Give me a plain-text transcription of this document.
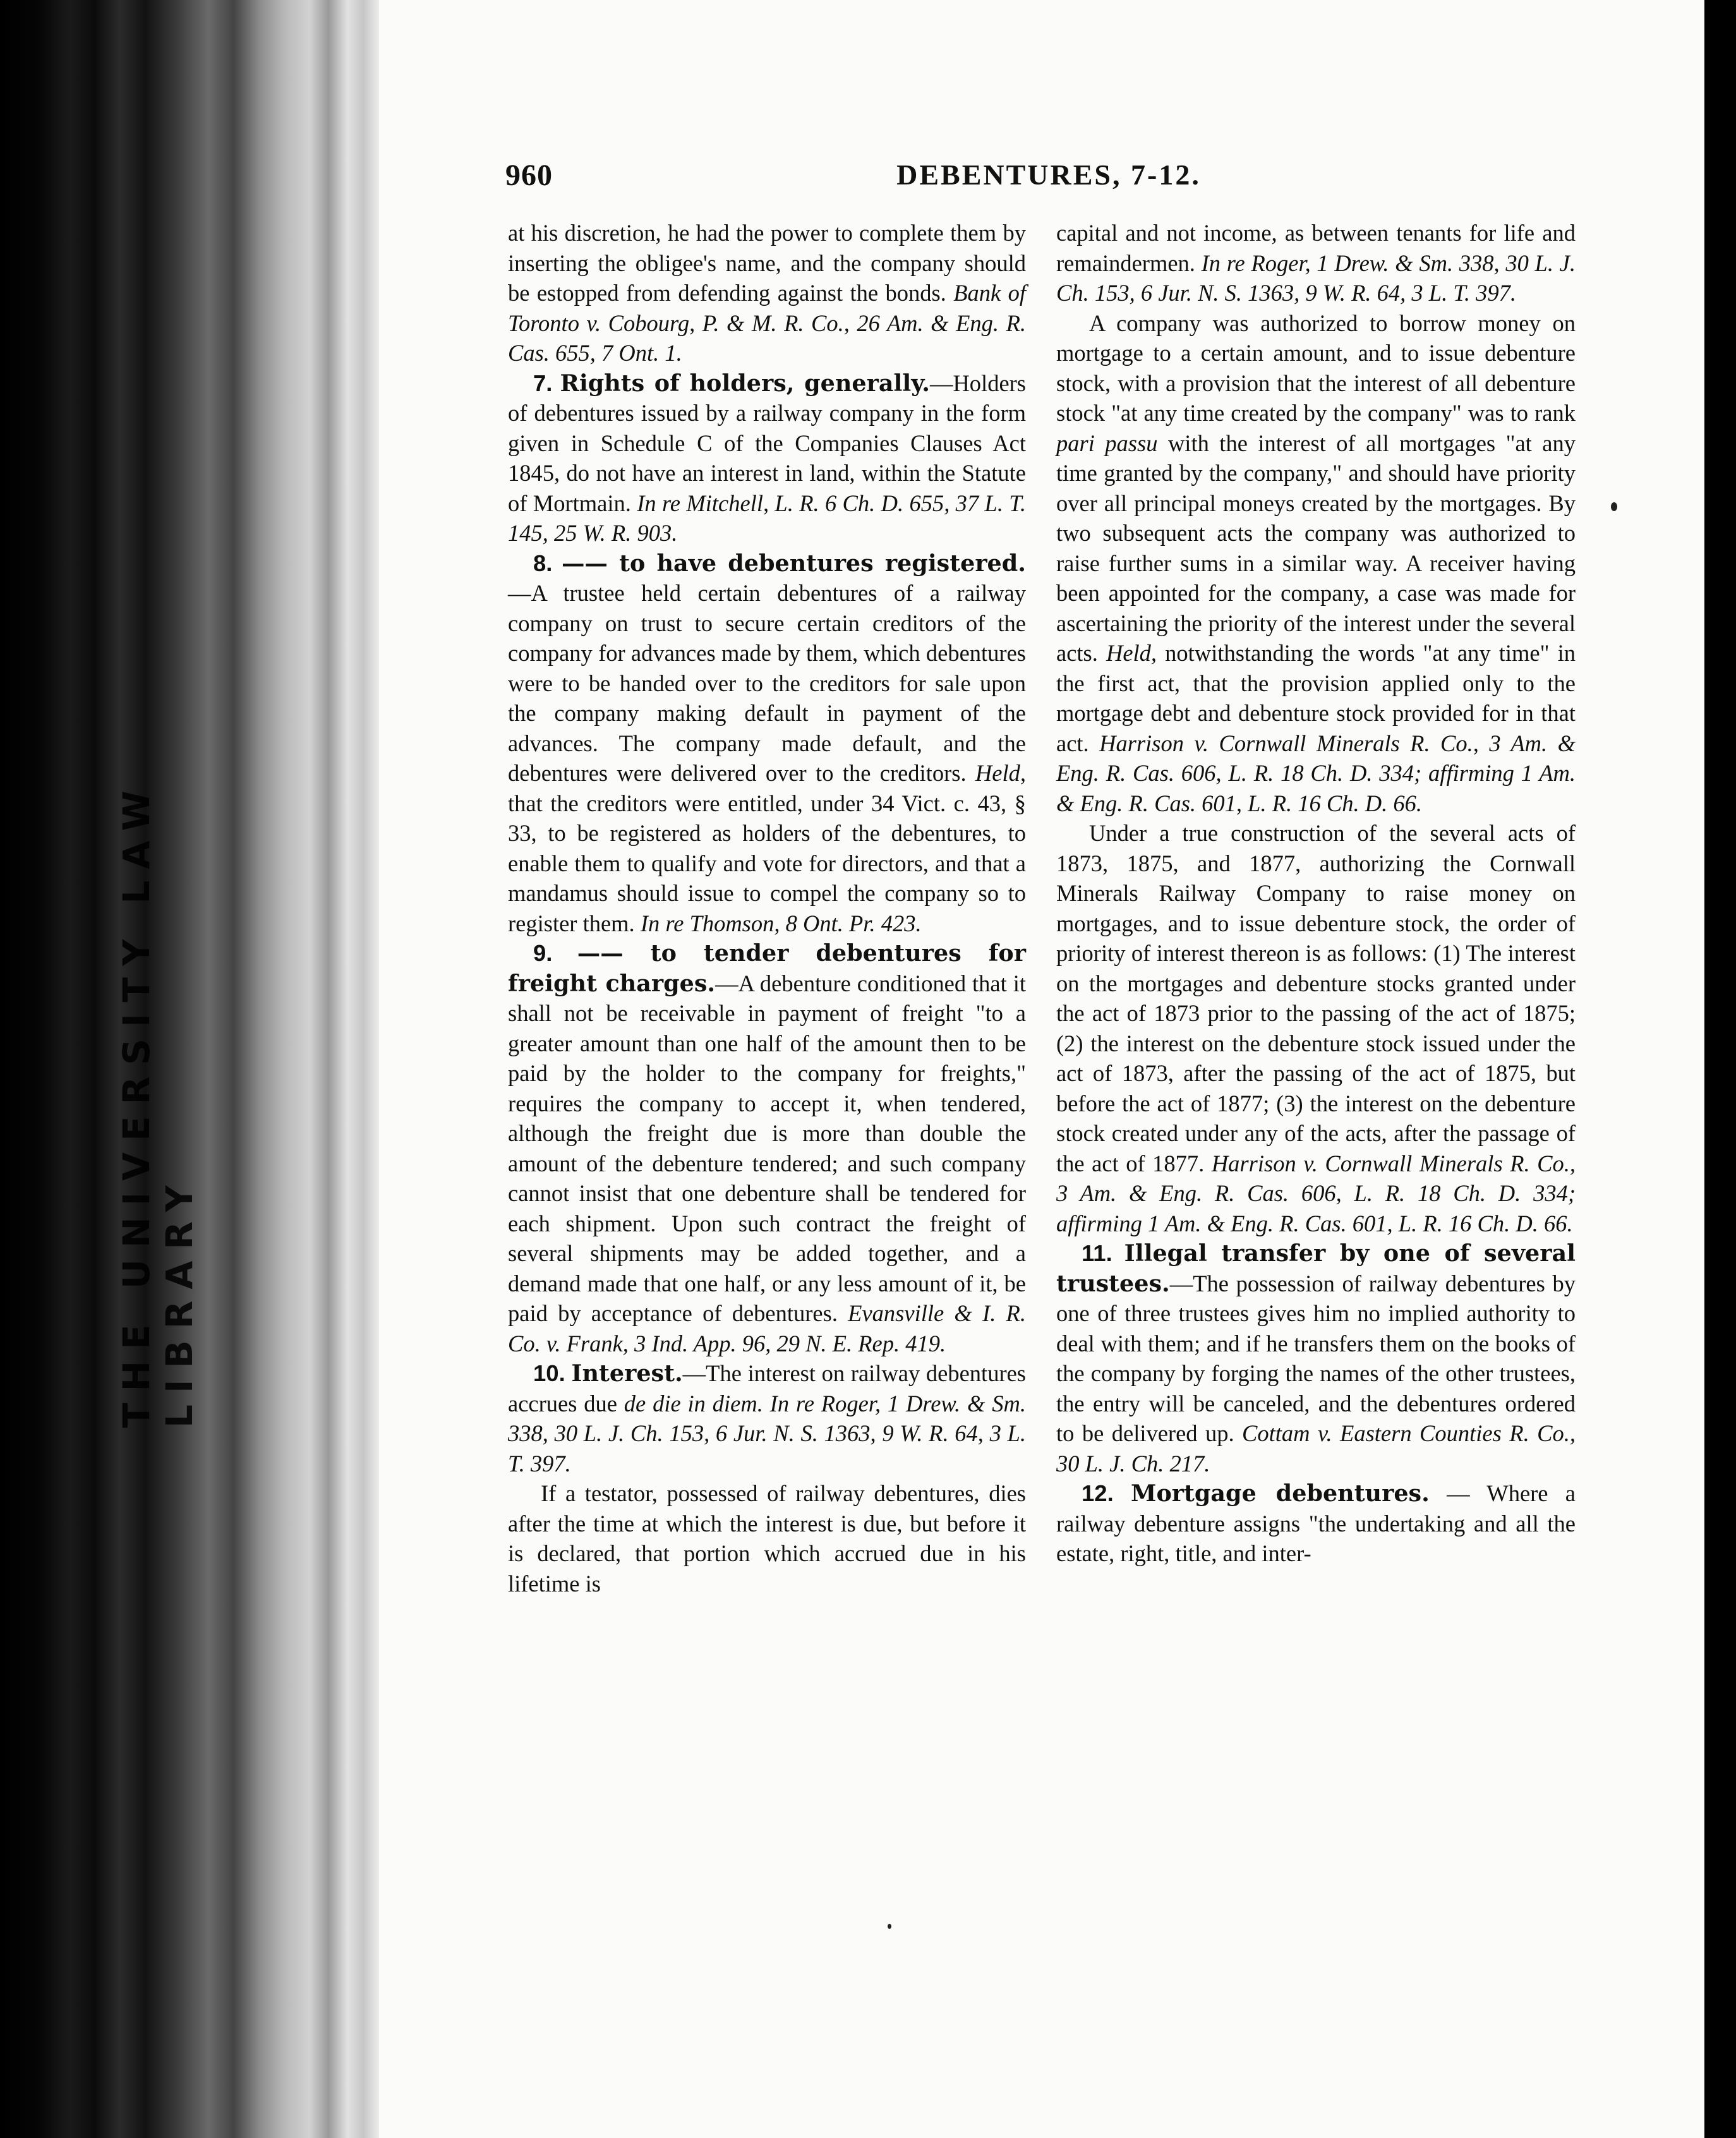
THE UNIVERSITY LAW LIBRARY
960	DEBENTURES, 7-12.

at his discretion, he had the power to complete them by inserting the obligee's name, and the company should be estopped from defending against the bonds. Bank of Toronto v. Cobourg, P. & M. R. Co., 26 Am. & Eng. R. Cas. 655, 7 Ont. 1.

7. Rights of holders, generally.—Holders of debentures issued by a railway company in the form given in Schedule C of the Companies Clauses Act 1845, do not have an interest in land, within the Statute of Mortmain. In re Mitchell, L. R. 6 Ch. D. 655, 37 L. T. 145, 25 W. R. 903.

8. —— to have debentures registered.—A trustee held certain debentures of a railway company on trust to secure certain creditors of the company for advances made by them, which debentures were to be handed over to the creditors for sale upon the company making default in payment of the advances. The company made default, and the debentures were delivered over to the creditors. Held, that the creditors were entitled, under 34 Vict. c. 43, § 33, to be registered as holders of the debentures, to enable them to qualify and vote for directors, and that a mandamus should issue to compel the company so to register them. In re Thomson, 8 Ont. Pr. 423.

9. —— to tender debentures for freight charges.—A debenture conditioned that it shall not be receivable in payment of freight "to a greater amount than one half of the amount then to be paid by the holder to the company for freights," requires the company to accept it, when tendered, although the freight due is more than double the amount of the debenture tendered; and such company cannot insist that one debenture shall be tendered for each shipment. Upon such contract the freight of several shipments may be added together, and a demand made that one half, or any less amount of it, be paid by acceptance of debentures. Evansville & I. R. Co. v. Frank, 3 Ind. App. 96, 29 N. E. Rep. 419.

10. Interest.—The interest on railway debentures accrues due de die in diem. In re Roger, 1 Drew. & Sm. 338, 30 L. J. Ch. 153, 6 Jur. N. S. 1363, 9 W. R. 64, 3 L. T. 397.

If a testator, possessed of railway debentures, dies after the time at which the interest is due, but before it is declared, that portion which accrued due in his lifetime is

capital and not income, as between tenants for life and remaindermen. In re Roger, 1 Drew. & Sm. 338, 30 L. J. Ch. 153, 6 Jur. N. S. 1363, 9 W. R. 64, 3 L. T. 397.

A company was authorized to borrow money on mortgage to a certain amount, and to issue debenture stock, with a provision that the interest of all debenture stock "at any time created by the company" was to rank pari passu with the interest of all mortgages "at any time granted by the company," and should have priority over all principal moneys created by the mortgages. By two subsequent acts the company was authorized to raise further sums in a similar way. A receiver having been appointed for the company, a case was made for ascertaining the priority of the interest under the several acts. Held, notwithstanding the words "at any time" in the first act, that the provision applied only to the mortgage debt and debenture stock provided for in that act. Harrison v. Cornwall Minerals R. Co., 3 Am. & Eng. R. Cas. 606, L. R. 18 Ch. D. 334; affirming 1 Am. & Eng. R. Cas. 601, L. R. 16 Ch. D. 66.

Under a true construction of the several acts of 1873, 1875, and 1877, authorizing the Cornwall Minerals Railway Company to raise money on mortgages, and to issue debenture stock, the order of priority of interest thereon is as follows: (1) The interest on the mortgages and debenture stocks granted under the act of 1873 prior to the passing of the act of 1875; (2) the interest on the debenture stock issued under the act of 1873, after the passing of the act of 1875, but before the act of 1877; (3) the interest on the debenture stock created under any of the acts, after the passage of the act of 1877. Harrison v. Cornwall Minerals R. Co., 3 Am. & Eng. R. Cas. 606, L. R. 18 Ch. D. 334; affirming 1 Am. & Eng. R. Cas. 601, L. R. 16 Ch. D. 66.

11. Illegal transfer by one of several trustees.—The possession of railway debentures by one of three trustees gives him no implied authority to deal with them; and if he transfers them on the books of the company by forging the names of the other trustees, the entry will be canceled, and the debentures ordered to be delivered up. Cottam v. Eastern Counties R. Co., 30 L. J. Ch. 217.

12. Mortgage debentures. — Where a railway debenture assigns "the undertaking and all the estate, right, title, and inter-
